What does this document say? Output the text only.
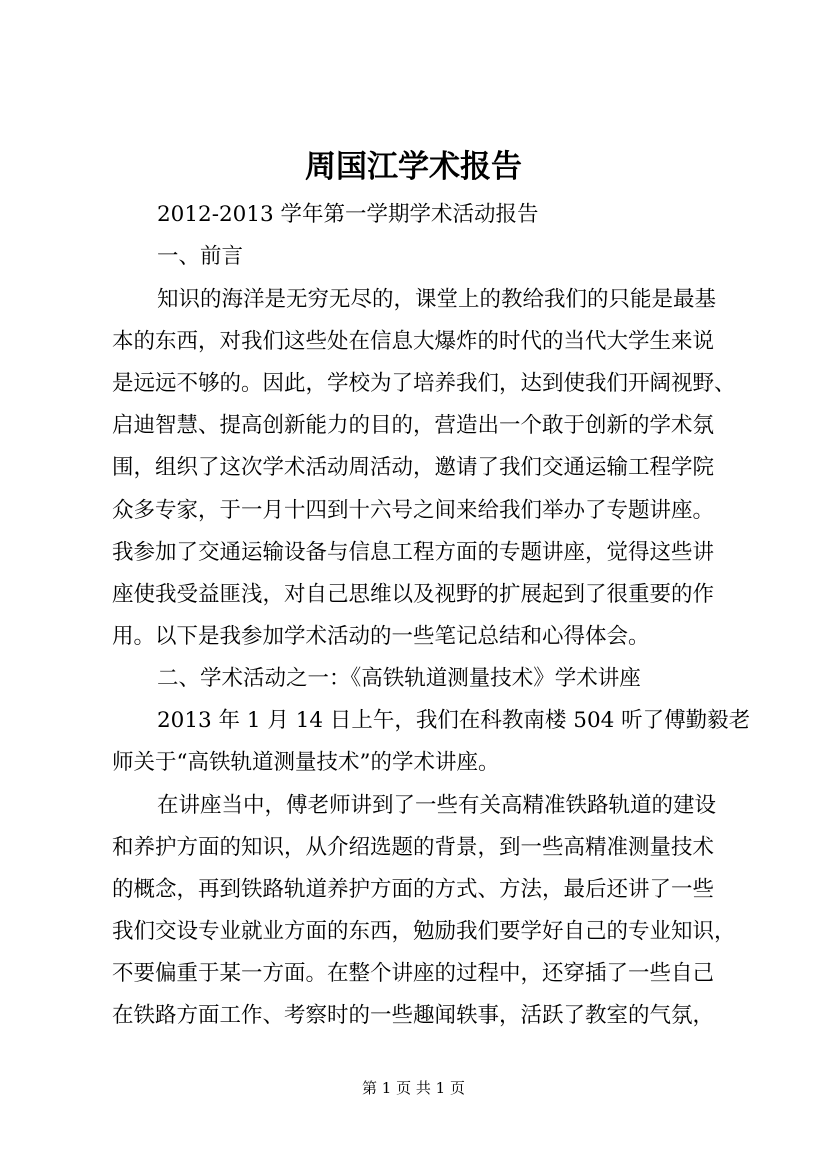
周国江学术报告
2012-2013 学年第一学期学术活动报告
一、前言
知识的海洋是无穷无尽的，课堂上的教给我们的只能是最基
本的东西，对我们这些处在信息大爆炸的时代的当代大学生来说
是远远不够的。因此，学校为了培养我们，达到使我们开阔视野、
启迪智慧、提高创新能力的目的，营造出一个敢于创新的学术氛
围，组织了这次学术活动周活动，邀请了我们交通运输工程学院
众多专家，于一月十四到十六号之间来给我们举办了专题讲座。
我参加了交通运输设备与信息工程方面的专题讲座，觉得这些讲
座使我受益匪浅，对自己思维以及视野的扩展起到了很重要的作
用。以下是我参加学术活动的一些笔记总结和心得体会。
二、学术活动之一：《高铁轨道测量技术》学术讲座
2013 年 1 月 14 日上午，我们在科教南楼 504 听了傅勤毅老
师关于“高铁轨道测量技术”的学术讲座。
在讲座当中，傅老师讲到了一些有关高精准铁路轨道的建设
和养护方面的知识，从介绍选题的背景，到一些高精准测量技术
的概念，再到铁路轨道养护方面的方式、方法，最后还讲了一些
我们交设专业就业方面的东西，勉励我们要学好自己的专业知识，
不要偏重于某一方面。在整个讲座的过程中，还穿插了一些自己
在铁路方面工作、考察时的一些趣闻轶事，活跃了教室的气氛，
第 1 页 共 1 页
